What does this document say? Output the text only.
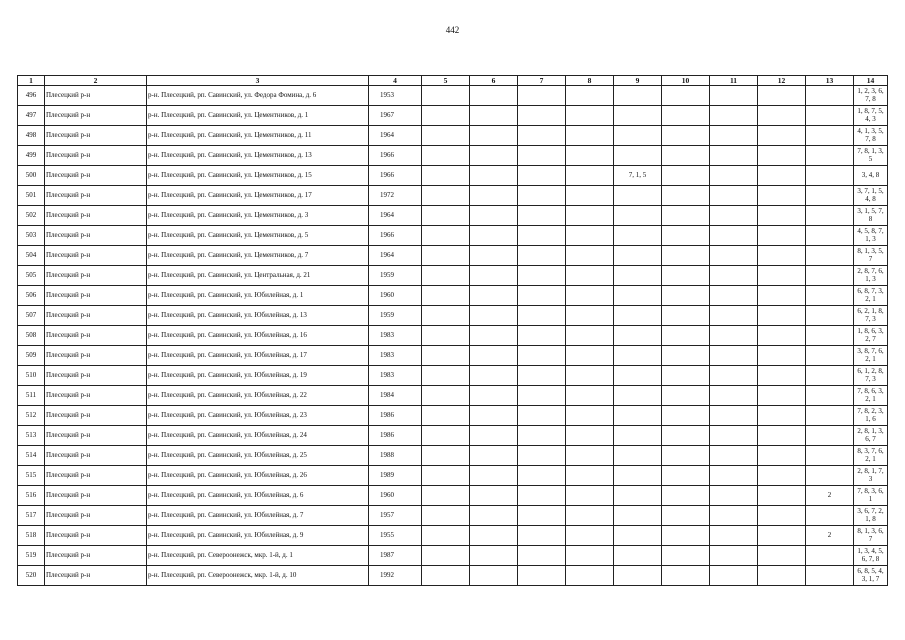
442
1	2	3	4	5	6	7	8	9	10	11	12	13	14
496	Плесецкий р-н	р-н. Плесецкий, рп. Савинский, ул. Федора Фомина, д. 6	1953										1, 2, 3, 6, 7, 8
497	Плесецкий р-н	р-н. Плесецкий, рп. Савинский, ул. Цементников, д. 1	1967										1, 8, 7, 5, 4, 3
498	Плесецкий р-н	р-н. Плесецкий, рп. Савинский, ул. Цементников, д. 11	1964										4, 1, 3, 5, 7, 8
499	Плесецкий р-н	р-н. Плесецкий, рп. Савинский, ул. Цементников, д. 13	1966										7, 8, 1, 3, 5
500	Плесецкий р-н	р-н. Плесецкий, рп. Савинский, ул. Цементников, д. 15	1966					7, 1, 5					3, 4, 8
501	Плесецкий р-н	р-н. Плесецкий, рп. Савинский, ул. Цементников, д. 17	1972										3, 7, 1, 5, 4, 8
502	Плесецкий р-н	р-н. Плесецкий, рп. Савинский, ул. Цементников, д. 3	1964										3, 1, 5, 7, 8
503	Плесецкий р-н	р-н. Плесецкий, рп. Савинский, ул. Цементников, д. 5	1966										4, 5, 8, 7, 1, 3
504	Плесецкий р-н	р-н. Плесецкий, рп. Савинский, ул. Цементников, д. 7	1964										8, 1, 3, 5, 7
505	Плесецкий р-н	р-н. Плесецкий, рп. Савинский, ул. Центральная, д. 21	1959										2, 8, 7, 6, 1, 3
506	Плесецкий р-н	р-н. Плесецкий, рп. Савинский, ул. Юбилейная, д. 1	1960										6, 8, 7, 3, 2, 1
507	Плесецкий р-н	р-н. Плесецкий, рп. Савинский, ул. Юбилейная, д. 13	1959										6, 2, 1, 8, 7, 3
508	Плесецкий р-н	р-н. Плесецкий, рп. Савинский, ул. Юбилейная, д. 16	1983										1, 8, 6, 3, 2, 7
509	Плесецкий р-н	р-н. Плесецкий, рп. Савинский, ул. Юбилейная, д. 17	1983										3, 8, 7, 6, 2, 1
510	Плесецкий р-н	р-н. Плесецкий, рп. Савинский, ул. Юбилейная, д. 19	1983										6, 1, 2, 8, 7, 3
511	Плесецкий р-н	р-н. Плесецкий, рп. Савинский, ул. Юбилейная, д. 22	1984										7, 8, 6, 3, 2, 1
512	Плесецкий р-н	р-н. Плесецкий, рп. Савинский, ул. Юбилейная, д. 23	1986										7, 8, 2, 3, 1, 6
513	Плесецкий р-н	р-н. Плесецкий, рп. Савинский, ул. Юбилейная, д. 24	1986										2, 8, 1, 3, 6, 7
514	Плесецкий р-н	р-н. Плесецкий, рп. Савинский, ул. Юбилейная, д. 25	1988										8, 3, 7, 6, 2, 1
515	Плесецкий р-н	р-н. Плесецкий, рп. Савинский, ул. Юбилейная, д. 26	1989										2, 8, 1, 7, 3
516	Плесецкий р-н	р-н. Плесецкий, рп. Савинский, ул. Юбилейная, д. 6	1960									2	7, 8, 3, 6, 1
517	Плесецкий р-н	р-н. Плесецкий, рп. Савинский, ул. Юбилейная, д. 7	1957										3, 6, 7, 2, 1, 8
518	Плесецкий р-н	р-н. Плесецкий, рп. Савинский, ул. Юбилейная, д. 9	1955									2	8, 1, 3, 6, 7
519	Плесецкий р-н	р-н. Плесецкий, рп. Североонежск, мкр. 1-й, д. 1	1987										1, 3, 4, 5, 6, 7, 8
520	Плесецкий р-н	р-н. Плесецкий, рп. Североонежск, мкр. 1-й, д. 10	1992										6, 8, 5, 4, 3, 1, 7
